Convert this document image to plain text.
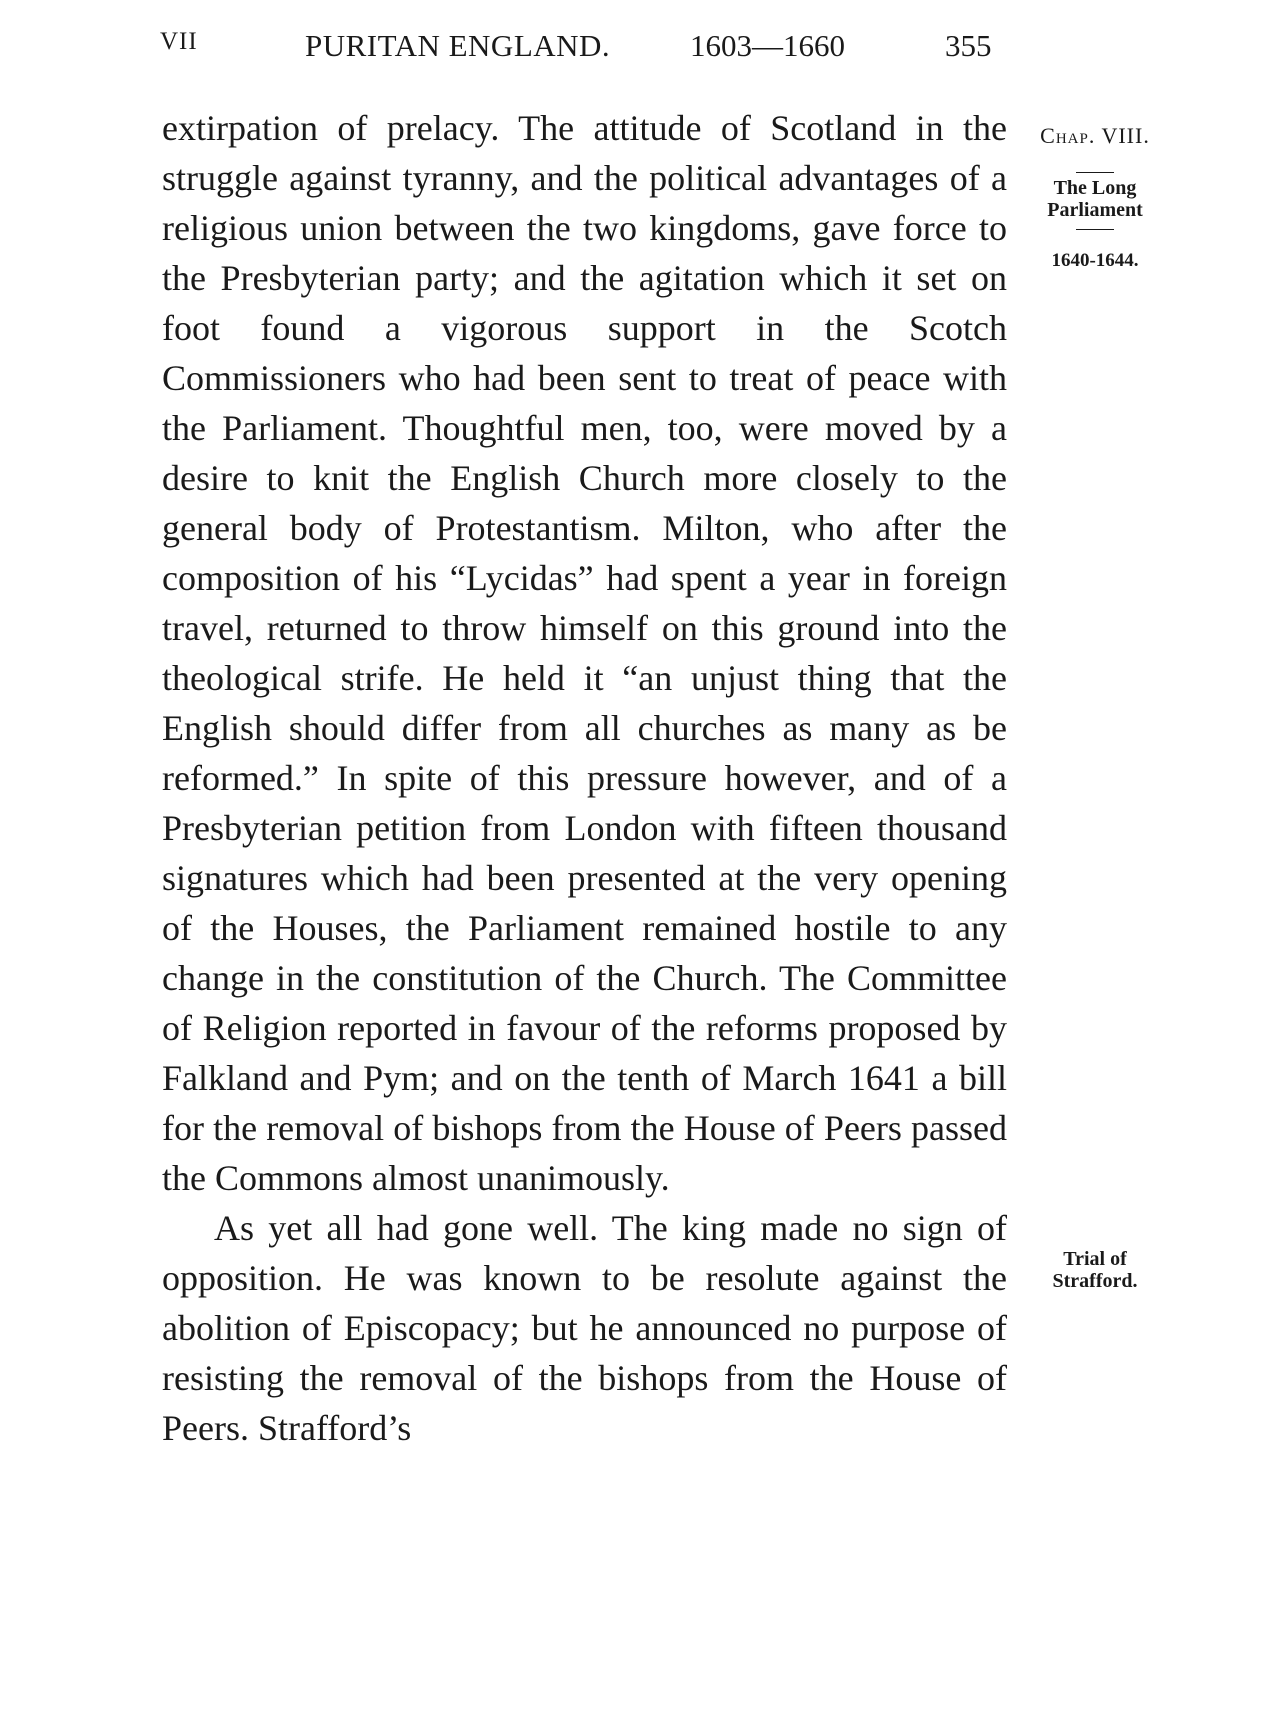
VII	PURITAN ENGLAND.	1603—1660	355

extirpation of prelacy. The attitude of Scotland in the struggle against tyranny, and the political advantages of a religious union between the two kingdoms, gave force to the Presbyterian party; and the agitation which it set on foot found a vigorous support in the Scotch Commissioners who had been sent to treat of peace with the Parliament. Thoughtful men, too, were moved by a desire to knit the English Church more closely to the general body of Protestantism. Milton, who after the composition of his “Lycidas” had spent a year in foreign travel, returned to throw himself on this ground into the theological strife. He held it “an unjust thing that the English should differ from all churches as many as be reformed.” In spite of this pressure however, and of a Presbyterian petition from London with fifteen thousand signatures which had been presented at the very opening of the Houses, the Parliament remained hostile to any change in the constitution of the Church. The Committee of Religion reported in favour of the reforms proposed by Falkland and Pym; and on the tenth of March 1641 a bill for the removal of bishops from the House of Peers passed the Commons almost unanimously.

As yet all had gone well. The king made no sign of opposition. He was known to be resolute against the abolition of Episcopacy; but he announced no purpose of resisting the removal of the bishops from the House of Peers. Strafford’s

Chap. VIII.
The Long Parliament
1640-1644.
Trial of Strafford.
